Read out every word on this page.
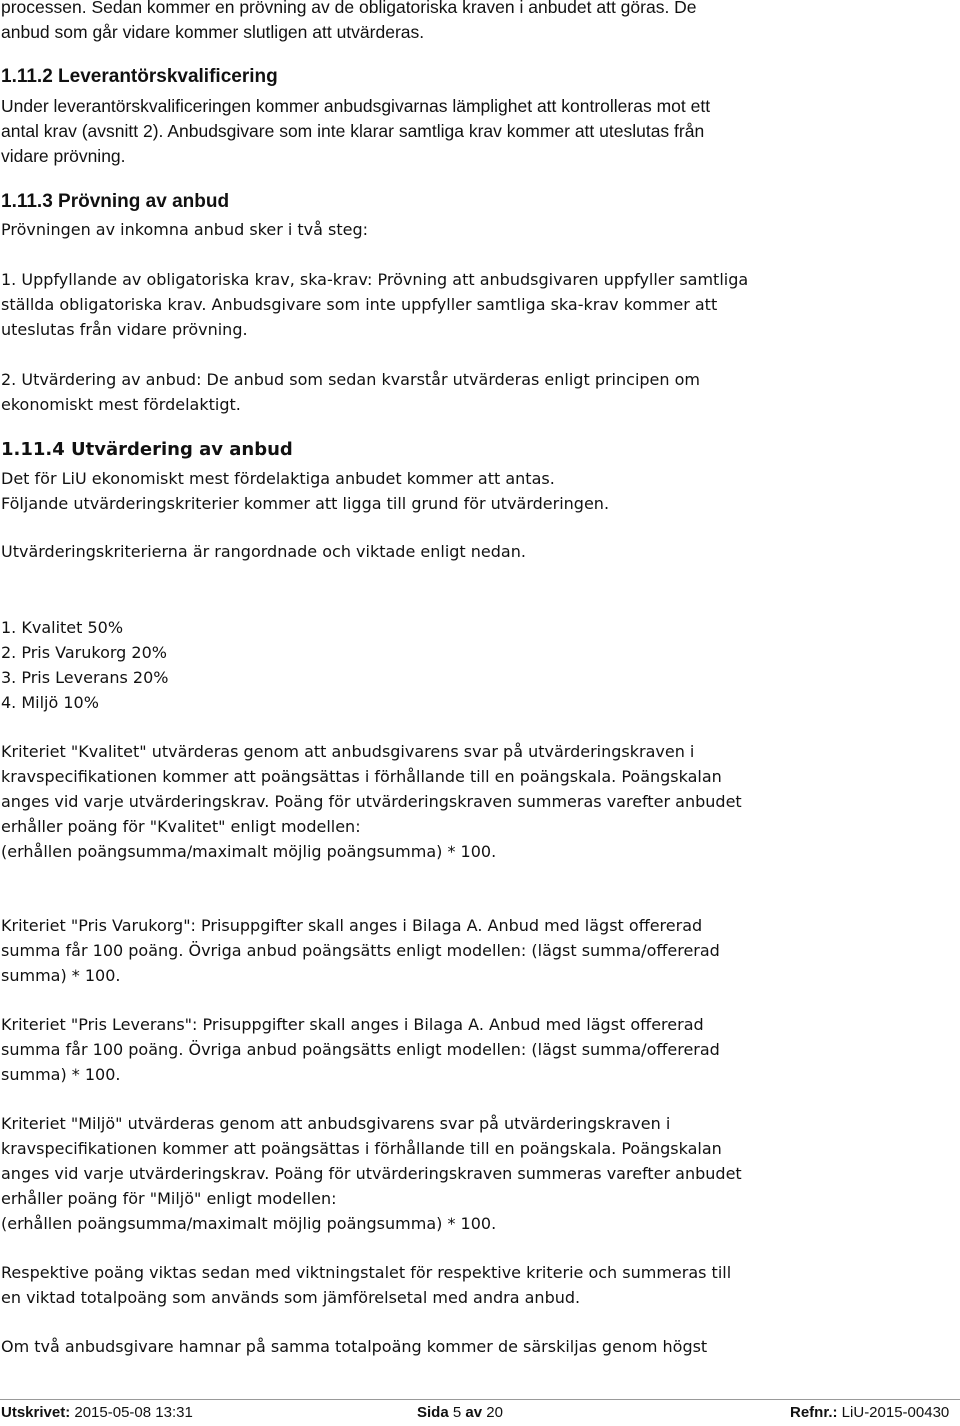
processen. Sedan kommer en prövning av de obligatoriska kraven i anbudet att göras. De
anbud som går vidare kommer slutligen att utvärderas.
1.11.2 Leverantörskvalificering
Under leverantörskvalificeringen kommer anbudsgivarnas lämplighet att kontrolleras mot ett
antal krav (avsnitt 2). Anbudsgivare som inte klarar samtliga krav kommer att uteslutas från
vidare prövning.
1.11.3 Prövning av anbud
Prövningen av inkomna anbud sker i två steg:
1. Uppfyllande av obligatoriska krav, ska-krav: Prövning att anbudsgivaren uppfyller samtliga
ställda obligatoriska krav. Anbudsgivare som inte uppfyller samtliga ska-krav kommer att
uteslutas från vidare prövning.
2. Utvärdering av anbud: De anbud som sedan kvarstår utvärderas enligt principen om
ekonomiskt mest fördelaktigt.
1.11.4 Utvärdering av anbud
Det för LiU ekonomiskt mest fördelaktiga anbudet kommer att antas.
Följande utvärderingskriterier kommer att ligga till grund för utvärderingen.
Utvärderingskriterierna är rangordnade och viktade enligt nedan.
1. Kvalitet 50%
2. Pris Varukorg 20%
3. Pris Leverans 20%
4. Miljö 10%
Kriteriet "Kvalitet" utvärderas genom att anbudsgivarens svar på utvärderingskraven i
kravspecifikationen kommer att poängsättas i förhållande till en poängskala. Poängskalan
anges vid varje utvärderingskrav. Poäng för utvärderingskraven summeras varefter anbudet
erhåller poäng för "Kvalitet" enligt modellen:
(erhållen poängsumma/maximalt möjlig poängsumma) * 100.
Kriteriet "Pris Varukorg": Prisuppgifter skall anges i Bilaga A. Anbud med lägst offererad
summa får 100 poäng. Övriga anbud poängsätts enligt modellen: (lägst summa/offererad
summa) * 100.
Kriteriet "Pris Leverans": Prisuppgifter skall anges i Bilaga A. Anbud med lägst offererad
summa får 100 poäng. Övriga anbud poängsätts enligt modellen: (lägst summa/offererad
summa) * 100.
Kriteriet "Miljö" utvärderas genom att anbudsgivarens svar på utvärderingskraven i
kravspecifikationen kommer att poängsättas i förhållande till en poängskala. Poängskalan
anges vid varje utvärderingskrav. Poäng för utvärderingskraven summeras varefter anbudet
erhåller poäng för "Miljö" enligt modellen:
(erhållen poängsumma/maximalt möjlig poängsumma) * 100.
Respektive poäng viktas sedan med viktningstalet för respektive kriterie och summeras till
en viktad totalpoäng som används som jämförelsetal med andra anbud.
Om två anbudsgivare hamnar på samma totalpoäng kommer de särskiljas genom högst
Utskrivet: 2015-05-08 13:31	Sida 5 av 20	Refnr.: LiU-2015-00430
